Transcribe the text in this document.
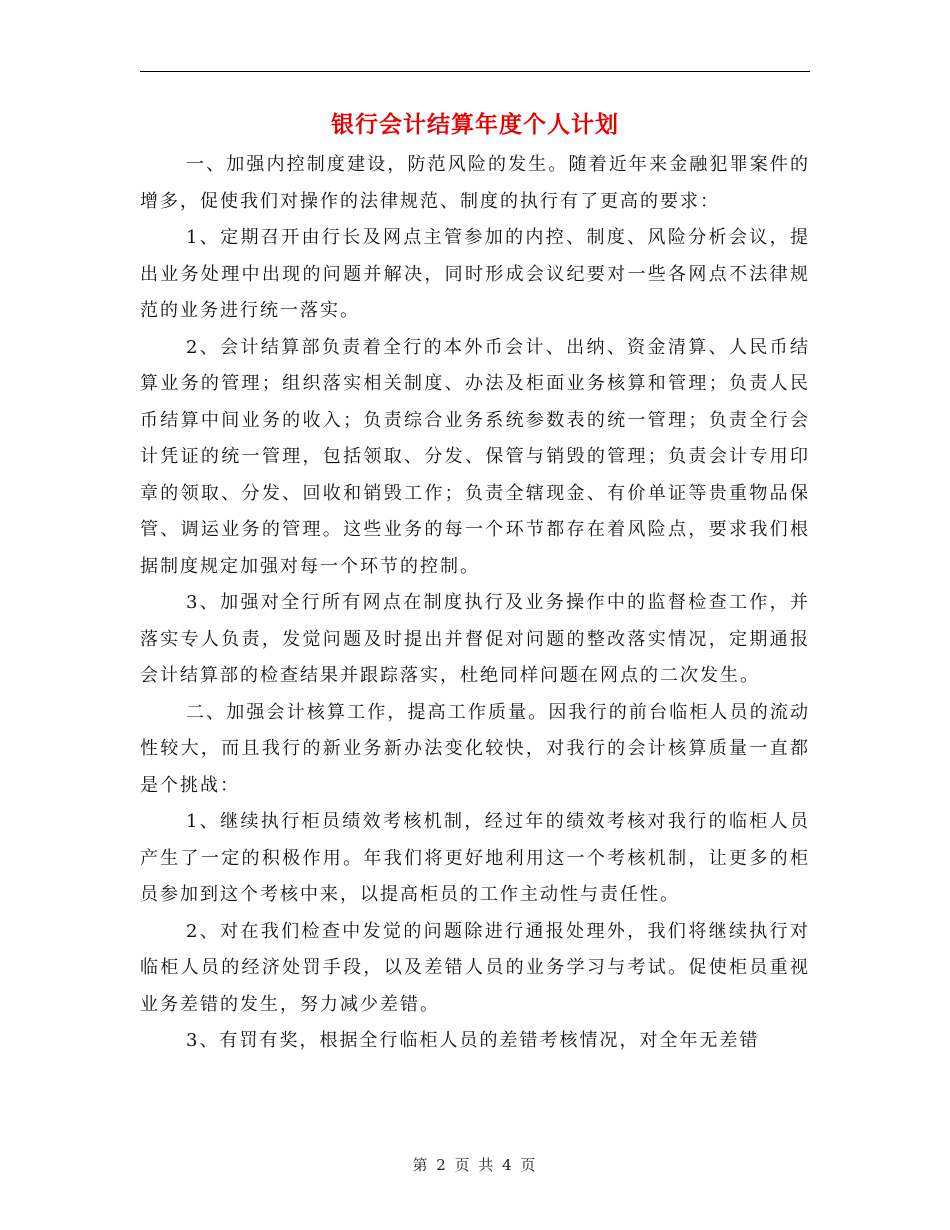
银行会计结算年度个人计划

一、加强内控制度建设，防范风险的发生。随着近年来金融犯罪案件的增多，促使我们对操作的法律规范、制度的执行有了更高的要求：

1、定期召开由行长及网点主管参加的内控、制度、风险分析会议，提出业务处理中出现的问题并解决，同时形成会议纪要对一些各网点不法律规范的业务进行统一落实。

2、会计结算部负责着全行的本外币会计、出纳、资金清算、人民币结算业务的管理；组织落实相关制度、办法及柜面业务核算和管理；负责人民币结算中间业务的收入；负责综合业务系统参数表的统一管理；负责全行会计凭证的统一管理，包括领取、分发、保管与销毁的管理；负责会计专用印章的领取、分发、回收和销毁工作；负责全辖现金、有价单证等贵重物品保管、调运业务的管理。这些业务的每一个环节都存在着风险点，要求我们根据制度规定加强对每一个环节的控制。

3、加强对全行所有网点在制度执行及业务操作中的监督检查工作，并落实专人负责，发觉问题及时提出并督促对问题的整改落实情况，定期通报会计结算部的检查结果并跟踪落实，杜绝同样问题在网点的二次发生。

二、加强会计核算工作，提高工作质量。因我行的前台临柜人员的流动性较大，而且我行的新业务新办法变化较快，对我行的会计核算质量一直都是个挑战：

1、继续执行柜员绩效考核机制，经过年的绩效考核对我行的临柜人员产生了一定的积极作用。年我们将更好地利用这一个考核机制，让更多的柜员参加到这个考核中来，以提高柜员的工作主动性与责任性。

2、对在我们检查中发觉的问题除进行通报处理外，我们将继续执行对临柜人员的经济处罚手段，以及差错人员的业务学习与考试。促使柜员重视业务差错的发生，努力减少差错。

3、有罚有奖，根据全行临柜人员的差错考核情况，对全年无差错

第 2 页 共 4 页
